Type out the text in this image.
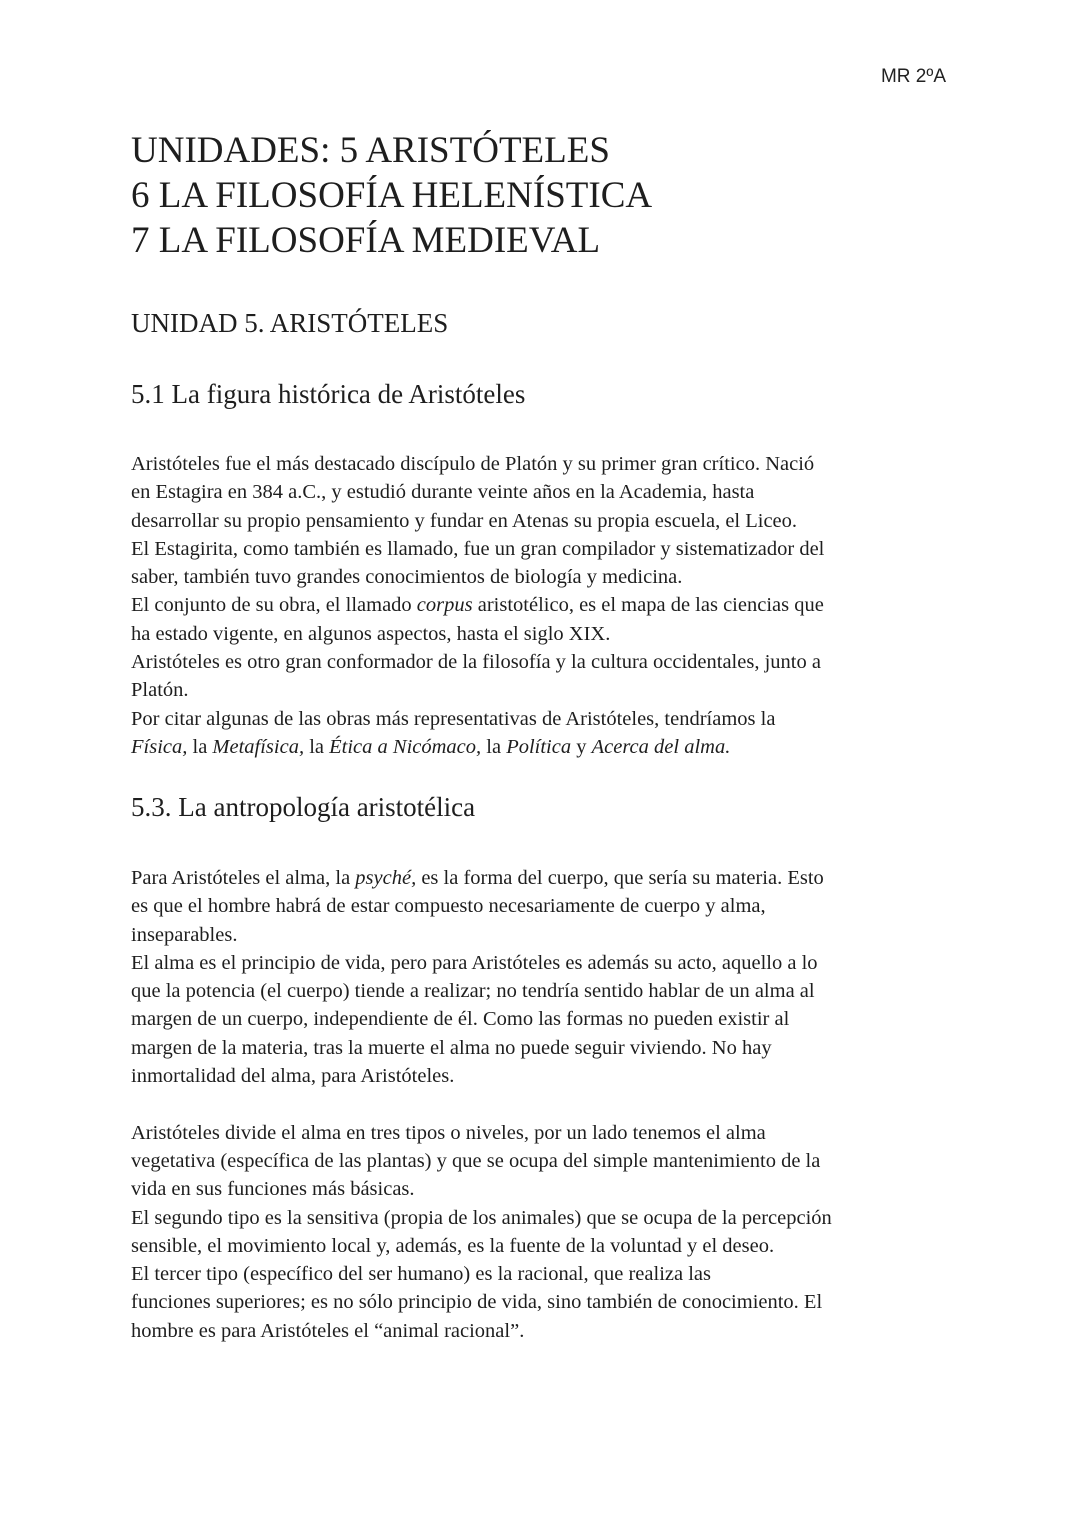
MR 2ºA
UNIDADES: 5 ARISTÓTELES
6 LA FILOSOFÍA HELENÍSTICA
7 LA FILOSOFÍA MEDIEVAL
UNIDAD 5. ARISTÓTELES
5.1 La figura histórica de Aristóteles
Aristóteles fue el más destacado discípulo de Platón y su primer gran crítico. Nació
en Estagira en 384 a.C., y estudió durante veinte años en la Academia, hasta
desarrollar su propio pensamiento y fundar en Atenas su propia escuela, el Liceo.
El Estagirita, como también es llamado, fue un gran compilador y sistematizador del
saber, también tuvo grandes conocimientos de biología y medicina.
El conjunto de su obra, el llamado corpus aristotélico, es el mapa de las ciencias que
ha estado vigente, en algunos aspectos, hasta el siglo XIX.
Aristóteles es otro gran conformador de la filosofía y la cultura occidentales, junto a
Platón.
Por citar algunas de las obras más representativas de Aristóteles, tendríamos la
Física, la Metafísica, la Ética a Nicómaco, la Política y Acerca del alma.
5.3. La antropología aristotélica
Para Aristóteles el alma, la psyché, es la forma del cuerpo, que sería su materia. Esto
es que el hombre habrá de estar compuesto necesariamente de cuerpo y alma,
inseparables.
El alma es el principio de vida, pero para Aristóteles es además su acto, aquello a lo
que la potencia (el cuerpo) tiende a realizar; no tendría sentido hablar de un alma al
margen de un cuerpo, independiente de él. Como las formas no pueden existir al
margen de la materia, tras la muerte el alma no puede seguir viviendo. No hay
inmortalidad del alma, para Aristóteles.
Aristóteles divide el alma en tres tipos o niveles, por un lado tenemos el alma
vegetativa (específica de las plantas) y que se ocupa del simple mantenimiento de la
vida en sus funciones más básicas.
El segundo tipo es la sensitiva (propia de los animales) que se ocupa de la percepción
sensible, el movimiento local y, además, es la fuente de la voluntad y el deseo.
El tercer tipo (específico del ser humano) es la racional, que realiza las
funciones superiores; es no sólo principio de vida, sino también de conocimiento. El
hombre es para Aristóteles el “animal racional”.
